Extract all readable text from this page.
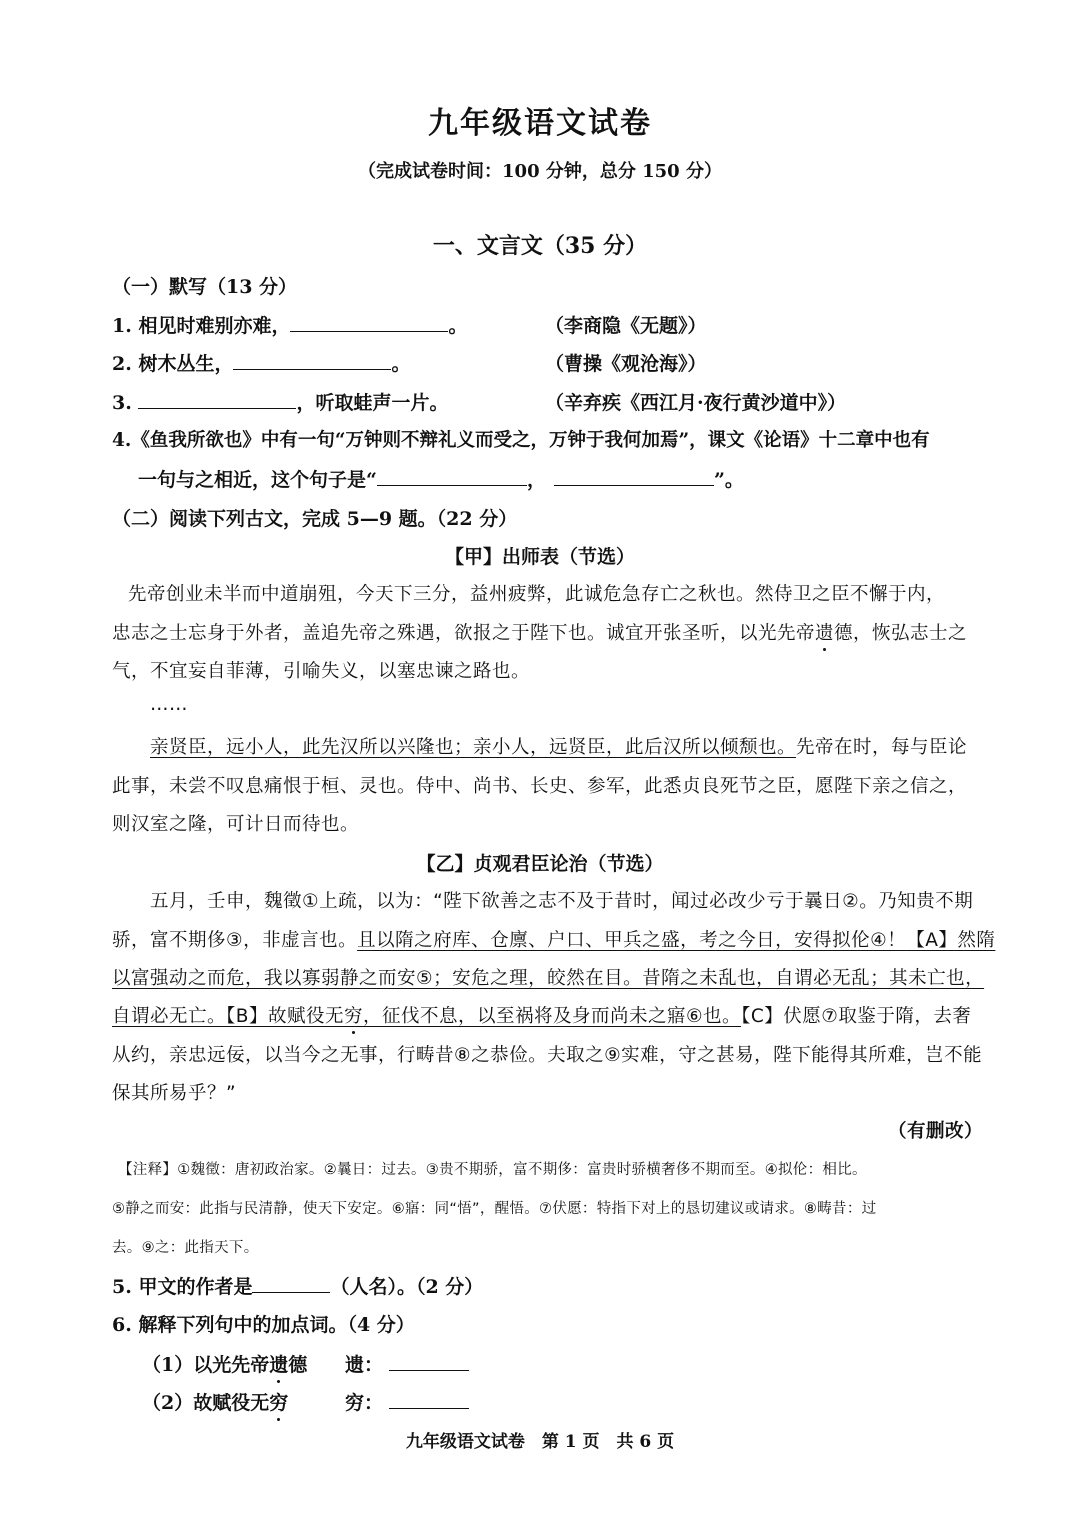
九年级语文试卷
（完成试卷时间：100 分钟，总分 150 分）
一、文言文（35 分）
（一）默写（13 分）
1. 相见时难别亦难，	。	（李商隐《无题》）
2. 树木丛生，	。	（曹操《观沧海》）
3.	，听取蛙声一片。	（辛弃疾《西江月·夜行黄沙道中》）
4.《鱼我所欲也》中有一句“万钟则不辩礼义而受之，万钟于我何加焉”，课文《论语》十二章中也有
一句与之相近，这个句子是“	，	”。
（二）阅读下列古文，完成 5—9 题。（22 分）
【甲】出师表（节选）
先帝创业未半而中道崩殂，今天下三分，益州疲弊，此诚危急存亡之秋也。然侍卫之臣不懈于内，
忠志之士忘身于外者，盖追先帝之殊遇，欲报之于陛下也。诚宜开张圣听，以光先帝遗德，恢弘志士之
气，不宜妄自菲薄，引喻失义，以塞忠谏之路也。
……
亲贤臣，远小人，此先汉所以兴隆也；亲小人，远贤臣，此后汉所以倾颓也。先帝在时，每与臣论
此事，未尝不叹息痛恨于桓、灵也。侍中、尚书、长史、参军，此悉贞良死节之臣，愿陛下亲之信之，
则汉室之隆，可计日而待也。
【乙】贞观君臣论治（节选）
五月，壬申，魏徵①上疏，以为：“陛下欲善之志不及于昔时，闻过必改少亏于曩日②。乃知贵不期
骄，富不期侈③，非虚言也。且以隋之府库、仓廪、户口、甲兵之盛，考之今日，安得拟伦④！【A】然隋
以富强动之而危，我以寡弱静之而安⑤；安危之理，皎然在目。昔隋之未乱也，自谓必无乱；其未亡也，
自谓必无亡。【B】故赋役无穷，征伐不息，以至祸将及身而尚未之寤⑥也。【C】伏愿⑦取鉴于隋，去奢
从约，亲忠远佞，以当今之无事，行畴昔⑧之恭俭。夫取之⑨实难，守之甚易，陛下能得其所难，岂不能
保其所易乎？”
（有删改）
【注释】①魏徵：唐初政治家。②曩日：过去。③贵不期骄，富不期侈：富贵时骄横奢侈不期而至。④拟伦：相比。
⑤静之而安：此指与民清静，使天下安定。⑥寤：同“悟”，醒悟。⑦伏愿：特指下对上的恳切建议或请求。⑧畴昔：过
去。⑨之：此指天下。
5. 甲文的作者是	（人名）。（2 分）
6. 解释下列句中的加点词。（4 分）
（1）以光先帝遗德 遗：
（2）故赋役无穷	穷：
九年级语文试卷　第 1 页　共 6 页
